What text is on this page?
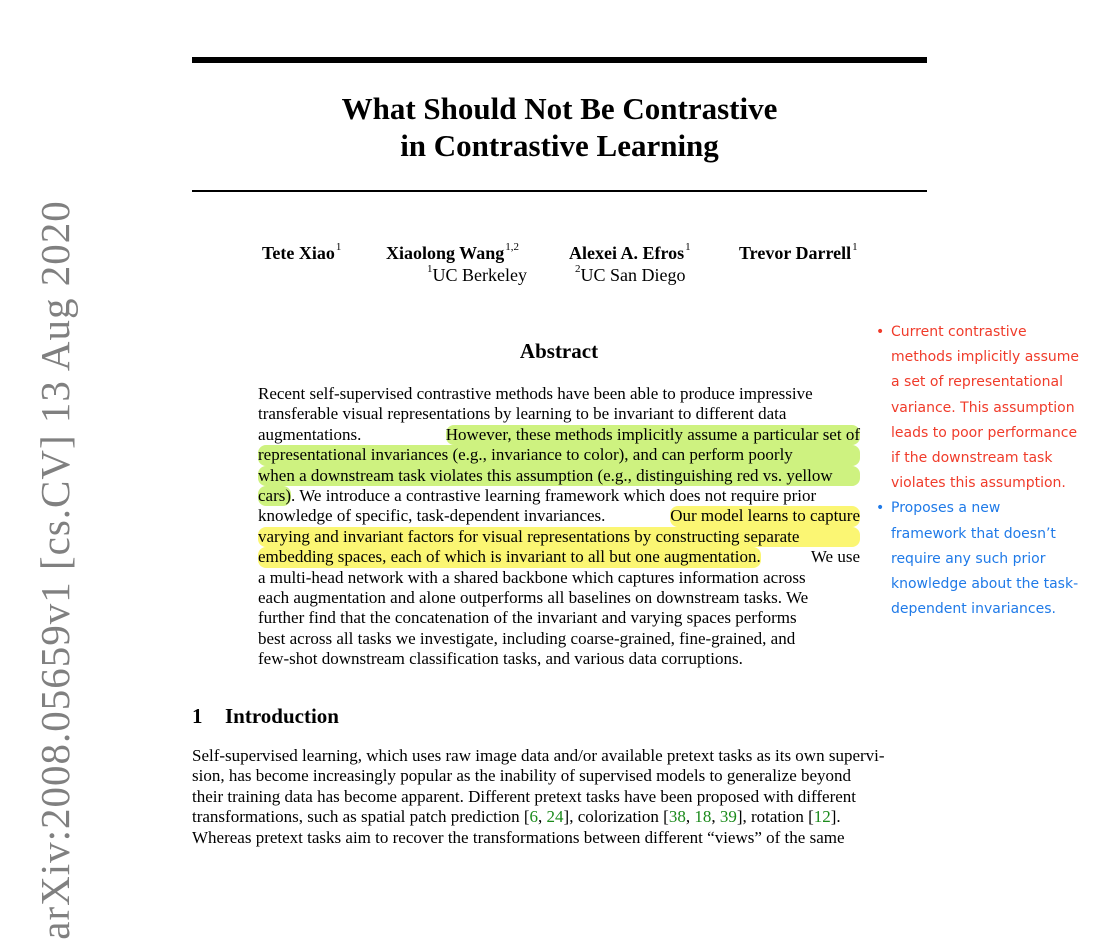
What Should Not Be Contrastive
in Contrastive Learning
Tete Xiao$^1$ Xiaolong Wang$^{1,2}$	Alexei A. Efros$^1$	Trevor Darrell$^1$
$^1$UC Berkeley	$^2$UC San Diego
Abstract
Recent self-supervised contrastive methods have been able to produce impressive
transferable visual representations by learning to be invariant to different data
augmentations.	However, these methods implicitly assume a particular set of
representational invariances (e.g., invariance to color), and can perform poorly
when a downstream task violates this assumption (e.g., distinguishing red vs. yellow
cars) . We introduce a contrastive learning framework which does not require prior
knowledge of specific, task-dependent invariances.	Our model learns to capture
varying and invariant factors for visual representations by constructing separate
embedding spaces, each of which is invariant to all but one augmentation.	We use
a multi-head network with a shared backbone which captures information across
each augmentation and alone outperforms all baselines on downstream tasks. We
further find that the concatenation of the invariant and varying spaces performs
best across all tasks we investigate, including coarse-grained, fine-grained, and
few-shot downstream classification tasks, and various data corruptions.
1 Introduction
Self-supervised learning, which uses raw image data and/or available pretext tasks as its own supervi-
sion, has become increasingly popular as the inability of supervised models to generalize beyond
their training data has become apparent. Different pretext tasks have been proposed with different
transformations, such as spatial patch prediction [6, 24], colorization [38, 18, 39], rotation [12].
Whereas pretext tasks aim to recover the transformations between different “views” of the same
arXiv:2008.05659v1 [cs.CV] 13 Aug 2020	• Current contrastive
methods implicitly assume
a set of representational
variance. This assumption
leads to poor performance
if the downstream task
violates this assumption.
• Proposes a new
framework that doesn’t
require any such prior
knowledge about the task-
dependent invariances.
